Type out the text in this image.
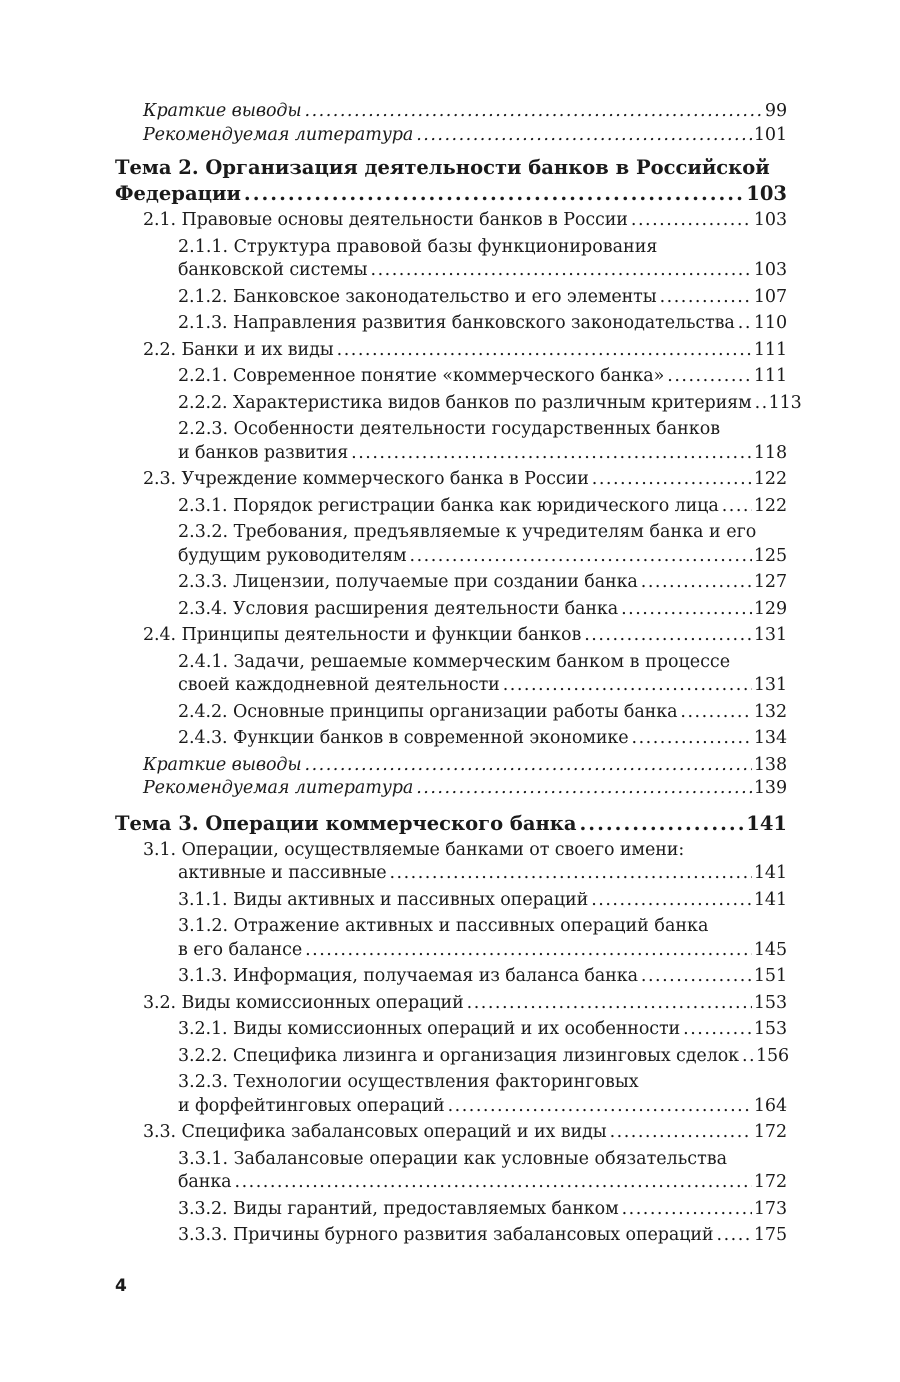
Краткие выводы .....	99
Рекомендуемая литература .....	101
Тема 2. Организация деятельности банков в Российской
Федерации .....	103
2.1. Правовые основы деятельности банков в России .....	103
2.1.1. Структура правовой базы функционирования
банковской системы .....	103
2.1.2. Банковское законодательство и его элементы .....	107
2.1.3. Направления развития банковского законодательства ..... 110
2.2. Банки и их виды .....	111
2.2.1. Современное понятие «коммерческого банка» .....	111
2.2.2. Характеристика видов банков по различным критериям ..... 113
2.2.3. Особенности деятельности государственных банков
и банков развития .....	118
2.3. Учреждение коммерческого банка в России .....	122
2.3.1. Порядок регистрации банка как юридического лица ..... 122
2.3.2. Требования, предъявляемые к учредителям банка и его
будущим руководителям .....	125
2.3.3. Лицензии, получаемые при создании банка .....	127
2.3.4. Условия расширения деятельности банка .....	129
2.4. Принципы деятельности и функции банков .....	131
2.4.1. Задачи, решаемые коммерческим банком в процессе
своей каждодневной деятельности .....	131
2.4.2. Основные принципы организации работы банка .....	132
2.4.3. Функции банков в современной экономике .....	134
Краткие выводы .....	138
Рекомендуемая литература .....	139
Тема 3. Операции коммерческого банка .....	141
3.1. Операции, осуществляемые банками от своего имени:
активные и пассивные .....	141
3.1.1. Виды активных и пассивных операций .....	141
3.1.2. Отражение активных и пассивных операций банка
в его балансе .....	145
3.1.3. Информация, получаемая из баланса банка .....	151
3.2. Виды комиссионных операций .....	153
3.2.1. Виды комиссионных операций и их особенности .....	153
3.2.2. Специфика лизинга и организация лизинговых сделок ..... 156
3.2.3. Технологии осуществления факторинговых
и форфейтинговых операций .....	164
3.3. Специфика забалансовых операций и их виды .....	172
3.3.1. Забалансовые операции как условные обязательства
банка .....	172
3.3.2. Виды гарантий, предоставляемых банком .....	173
3.3.3. Причины бурного развития забалансовых операций ..... 175
4
